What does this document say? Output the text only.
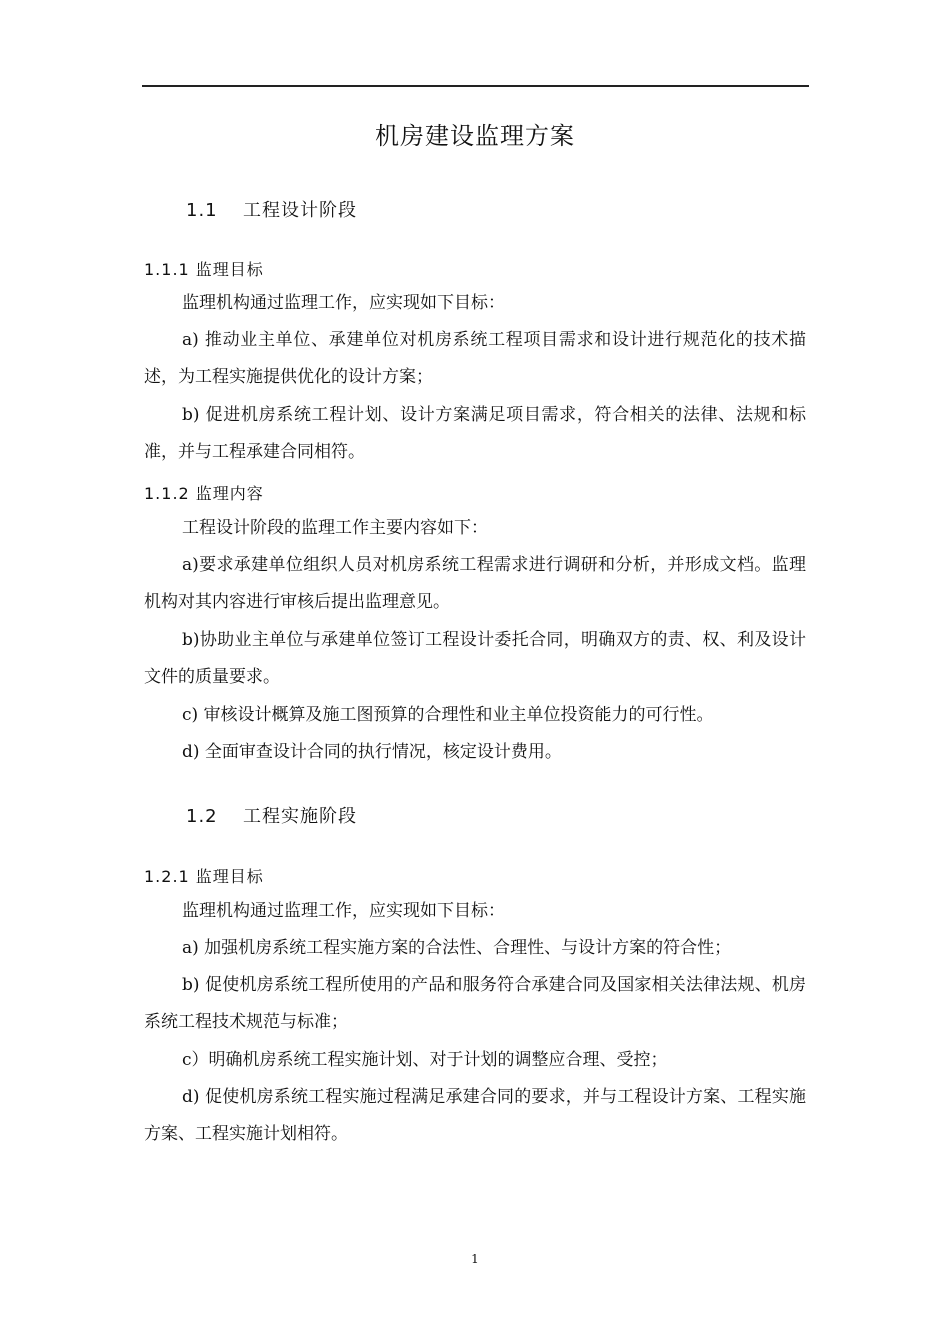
机房建设监理方案
1.1 工程设计阶段
1.1.1 监理目标
监理机构通过监理工作，应实现如下目标：
a) 推动业主单位、承建单位对机房系统工程项目需求和设计进行规范化的技术描述，为工程实施提供优化的设计方案；
b) 促进机房系统工程计划、设计方案满足项目需求，符合相关的法律、法规和标准，并与工程承建合同相符。
1.1.2 监理内容
工程设计阶段的监理工作主要内容如下：
a)要求承建单位组织人员对机房系统工程需求进行调研和分析，并形成文档。监理机构对其内容进行审核后提出监理意见。
b)协助业主单位与承建单位签订工程设计委托合同，明确双方的责、权、利及设计文件的质量要求。
c) 审核设计概算及施工图预算的合理性和业主单位投资能力的可行性。
d) 全面审查设计合同的执行情况，核定设计费用。
1.2 工程实施阶段
1.2.1 监理目标
监理机构通过监理工作，应实现如下目标：
a) 加强机房系统工程实施方案的合法性、合理性、与设计方案的符合性；
b) 促使机房系统工程所使用的产品和服务符合承建合同及国家相关法律法规、机房系统工程技术规范与标准；
c）明确机房系统工程实施计划、对于计划的调整应合理、受控；
d) 促使机房系统工程实施过程满足承建合同的要求，并与工程设计方案、工程实施方案、工程实施计划相符。
1
